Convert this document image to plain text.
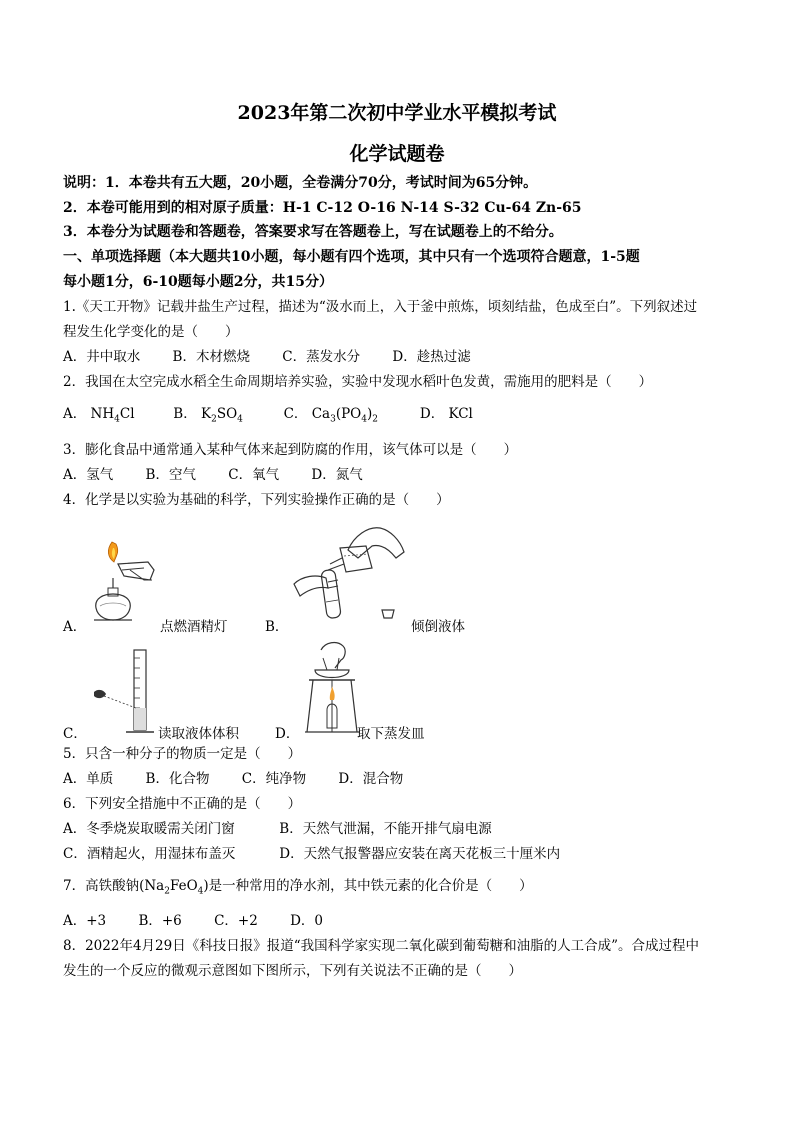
2023年第二次初中学业水平模拟考试
化学试题卷
说明：1．本卷共有五大题，20小题，全卷满分70分，考试时间为65分钟。
2．本卷可能用到的相对原子质量：H-1 C-12 O-16 N-14 S-32 Cu-64 Zn-65
3．本卷分为试题卷和答题卷，答案要求写在答题卷上，写在试题卷上的不给分。
一、单项选择题（本大题共10小题，每小题有四个选项，其中只有一个选项符合题意，1-5题
每小题1分，6-10题每小题2分，共15分）
1.《天工开物》记载井盐生产过程，描述为“汲水而上，入于釜中煎炼，顷刻结盐，色成至白”。下列叙述过
程发生化学变化的是（　　）
A．井中取水 B．木材燃烧 C．蒸发水分 D．趁热过滤
2．我国在太空完成水稻全生命周期培养实验，实验中发现水稻叶色发黄，需施用的肥料是（　　）
A． $NH_4Cl$	B． $K_2SO_4$	C． $Ca_3(PO_4)_2$	D． KCl
3．膨化食品中通常通入某种气体来起到防腐的作用，该气体可以是（　　）
A．氢气 B．空气 C．氧气 D．氮气
4．化学是以实验为基础的科学，下列实验操作正确的是（　　）
A．	点燃酒精灯	B．	倾倒液体
C．	读取液体体积	D．	取下蒸发皿
5．只含一种分子的物质一定是（　　）
A．单质 B．化合物 C．纯净物 D．混合物
6．下列安全措施中不正确的是（　　）
A．冬季烧炭取暖需关闭门窗	B．天然气泄漏，不能开排气扇电源
C．酒精起火，用湿抹布盖灭	D．天然气报警器应安装在离天花板三十厘米内
7．高铁酸钠$(Na_2FeO_4)$是一种常用的净水剂，其中铁元素的化合价是（　　）
A．+3 B．+6 C．+2 D．0
8．2022年4月29日《科技日报》报道“我国科学家实现二氧化碳到葡萄糖和油脂的人工合成”。合成过程中
发生的一个反应的微观示意图如下图所示，下列有关说法不正确的是（　　）
